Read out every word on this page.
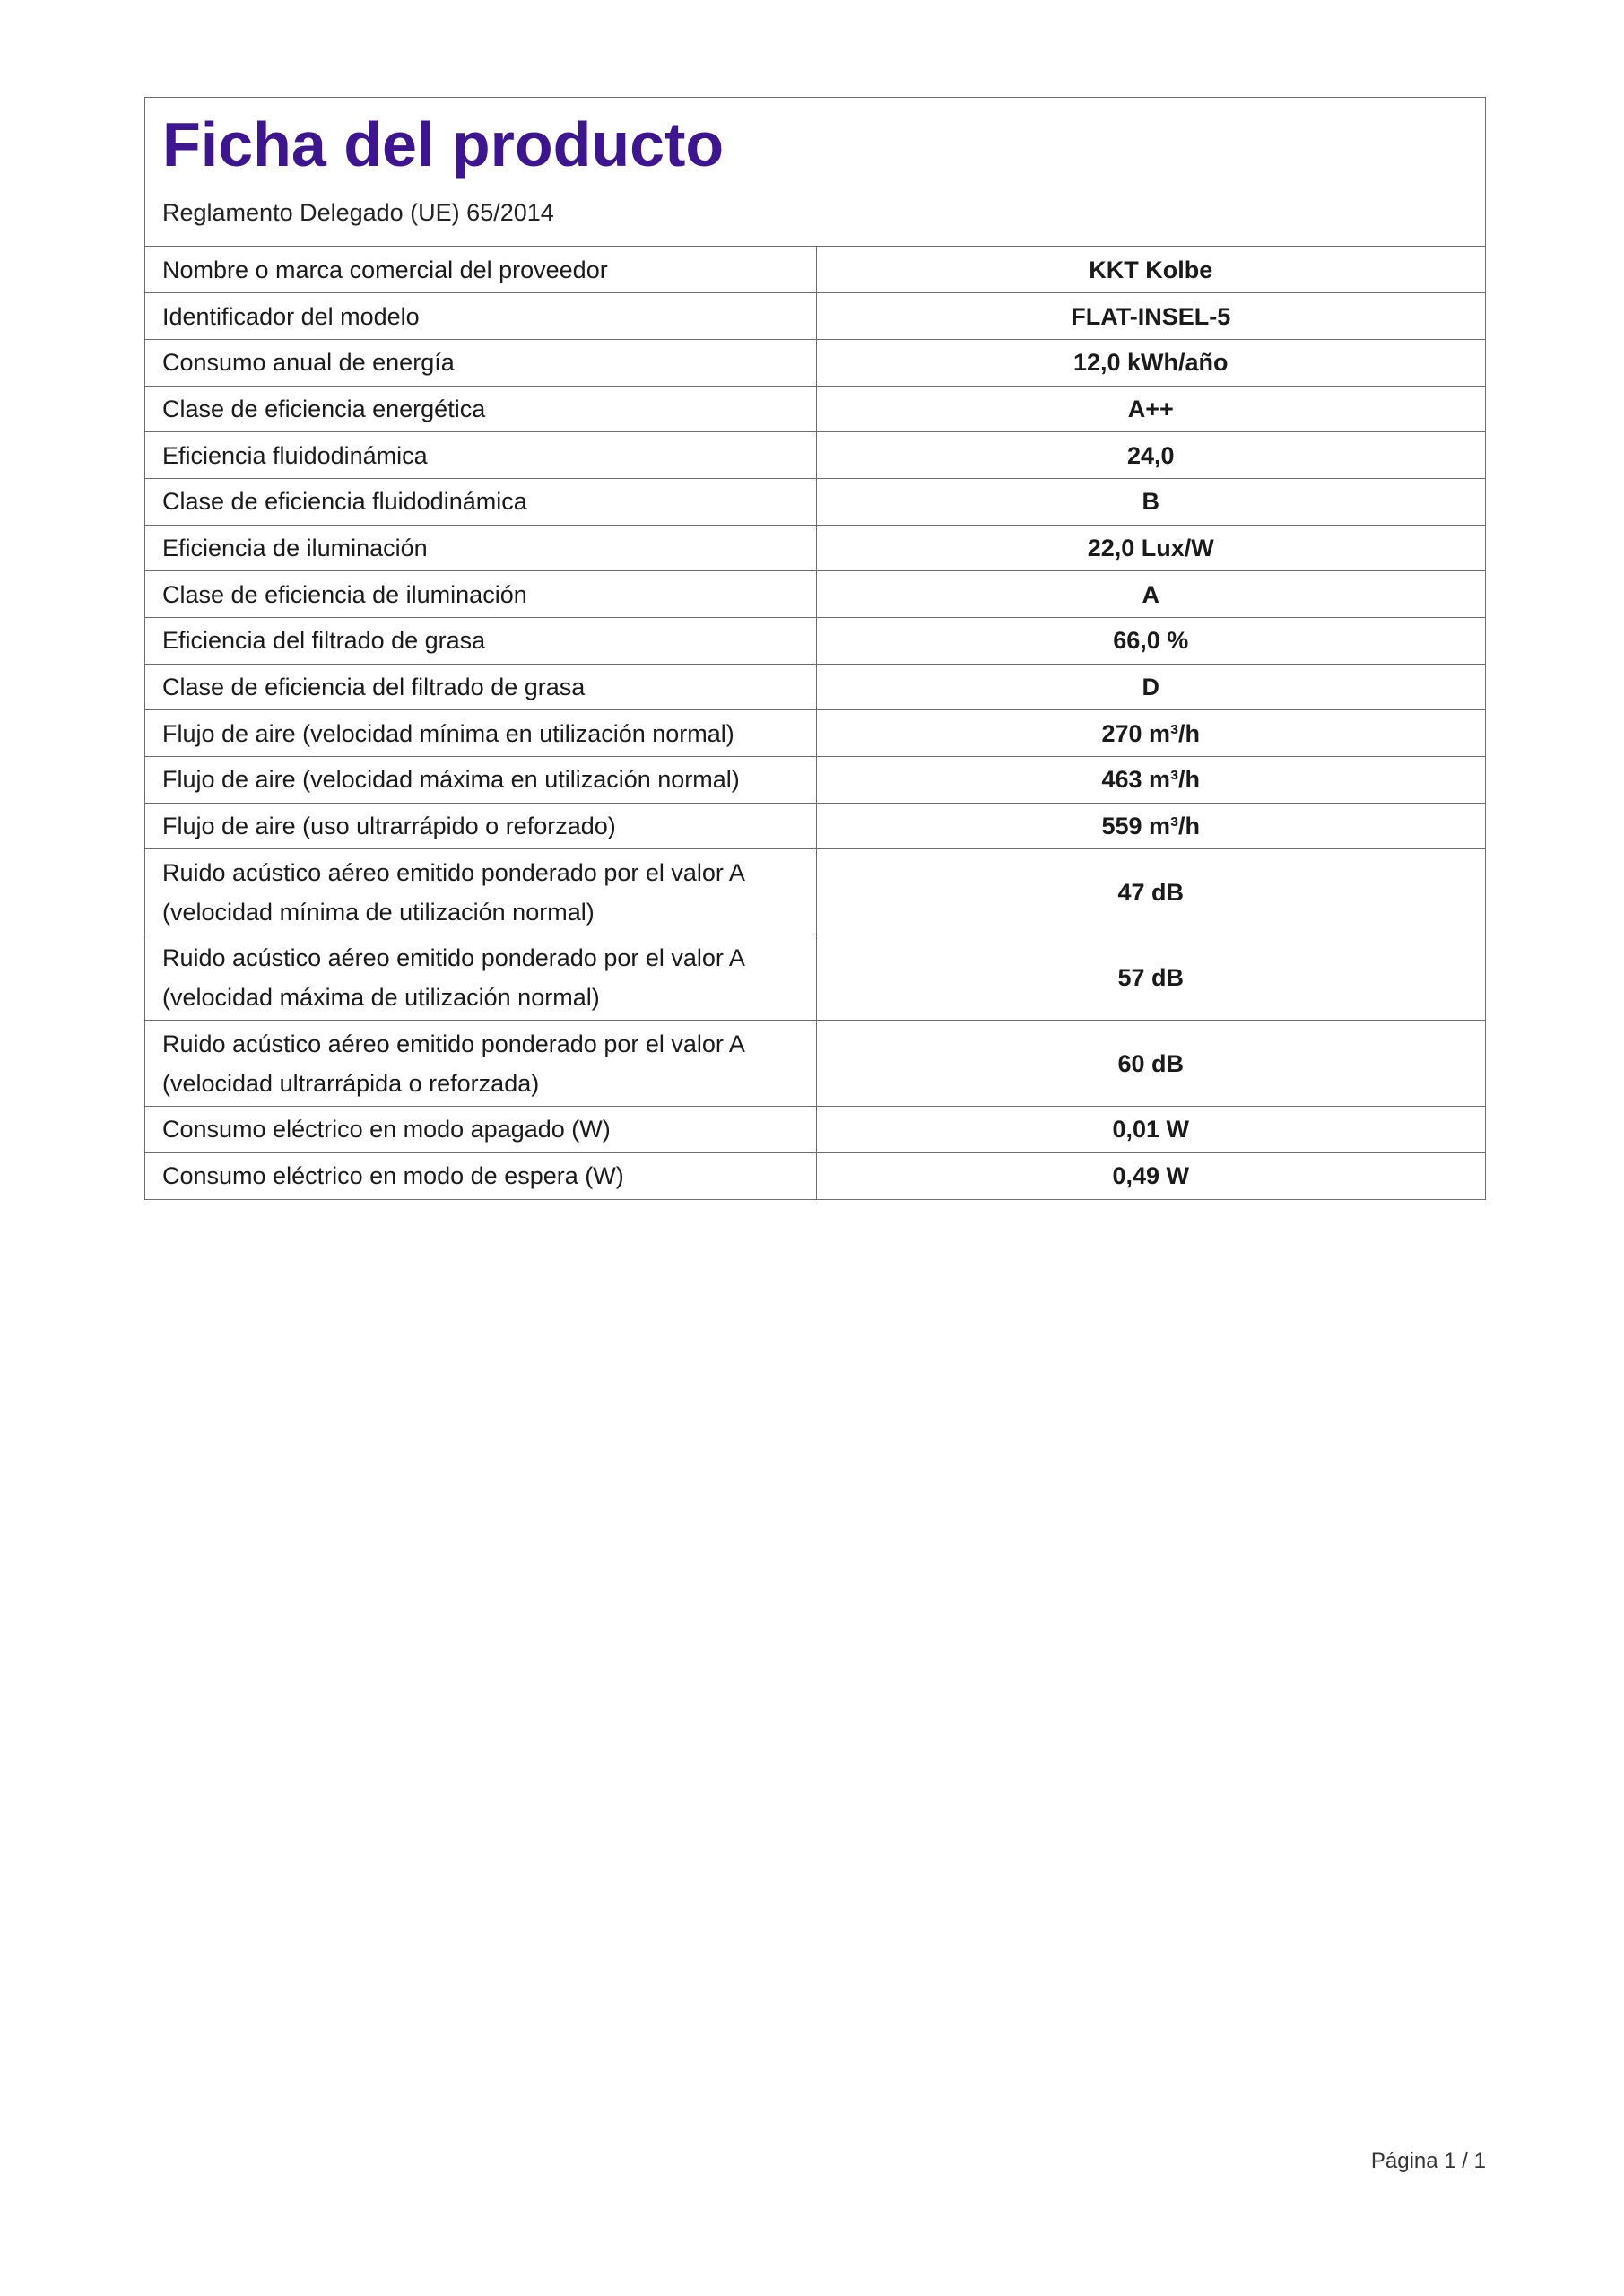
Ficha del producto
Reglamento Delegado (UE) 65/2014
Nombre o marca comercial del proveedor	KKT Kolbe
Identificador del modelo	FLAT-INSEL-5
Consumo anual de energía	12,0 kWh/año
Clase de eficiencia energética	A++
Eficiencia fluidodinámica	24,0
Clase de eficiencia fluidodinámica	B
Eficiencia de iluminación	22,0 Lux/W
Clase de eficiencia de iluminación	A
Eficiencia del filtrado de grasa	66,0 %
Clase de eficiencia del filtrado de grasa	D
Flujo de aire (velocidad mínima en utilización normal)	270 m³/h
Flujo de aire (velocidad máxima en utilización normal)	463 m³/h
Flujo de aire (uso ultrarrápido o reforzado)	559 m³/h
Ruido acústico aéreo emitido ponderado por el valor A (velocidad mínima de utilización normal)	47 dB
Ruido acústico aéreo emitido ponderado por el valor A (velocidad máxima de utilización normal)	57 dB
Ruido acústico aéreo emitido ponderado por el valor A (velocidad ultrarrápida o reforzada)	60 dB
Consumo eléctrico en modo apagado (W)	0,01 W
Consumo eléctrico en modo de espera (W)	0,49 W
Página 1 / 1
